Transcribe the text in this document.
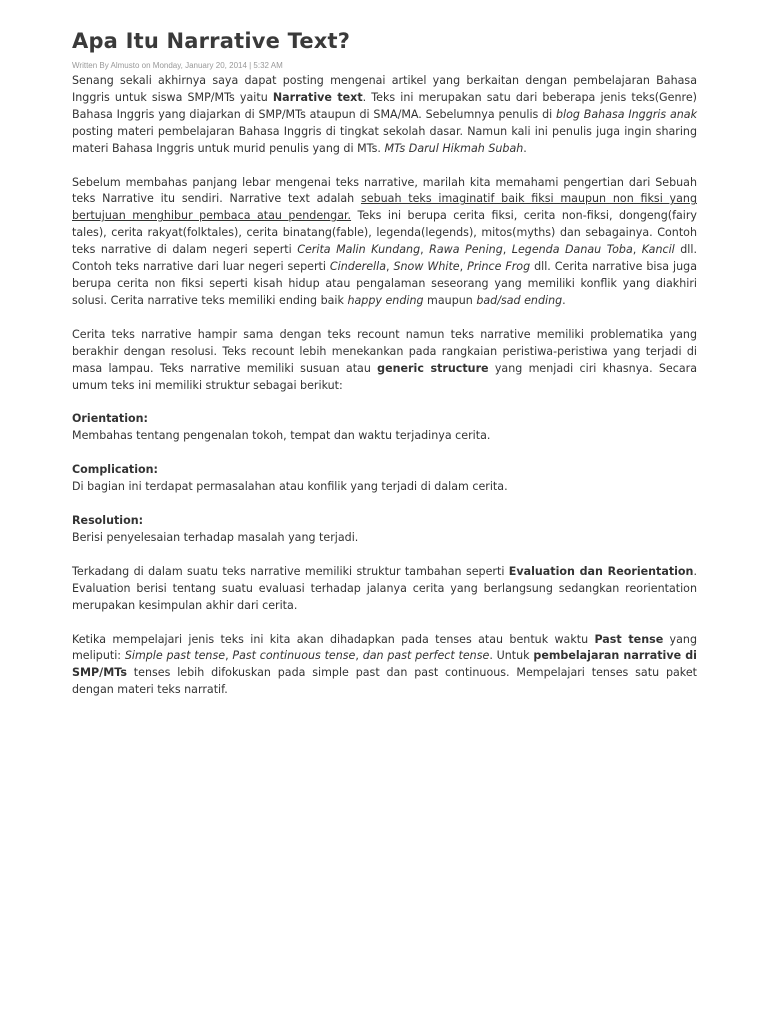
Apa Itu Narrative Text?
Written By Almusto on Monday, January 20, 2014 | 5:32 AM

Senang sekali akhirnya saya dapat posting mengenai artikel yang berkaitan dengan pembelajaran Bahasa Inggris untuk siswa SMP/MTs yaitu Narrative text. Teks ini merupakan satu dari beberapa jenis teks(Genre) Bahasa Inggris yang diajarkan di SMP/MTs ataupun di SMA/MA. Sebelumnya penulis di blog Bahasa Inggris anak posting materi pembelajaran Bahasa Inggris di tingkat sekolah dasar. Namun kali ini penulis juga ingin sharing materi Bahasa Inggris untuk murid penulis yang di MTs. MTs Darul Hikmah Subah.

Sebelum membahas panjang lebar mengenai teks narrative, marilah kita memahami pengertian dari Sebuah teks Narrative itu sendiri. Narrative text adalah sebuah teks imaginatif baik fiksi maupun non fiksi yang bertujuan menghibur pembaca atau pendengar. Teks ini berupa cerita fiksi, cerita non-fiksi, dongeng(fairy tales), cerita rakyat(folktales), cerita binatang(fable), legenda(legends), mitos(myths) dan sebagainya. Contoh teks narrative di dalam negeri seperti Cerita Malin Kundang, Rawa Pening, Legenda Danau Toba, Kancil dll. Contoh teks narrative dari luar negeri seperti Cinderella, Snow White, Prince Frog dll. Cerita narrative bisa juga berupa cerita non fiksi seperti kisah hidup atau pengalaman seseorang yang memiliki konflik yang diakhiri solusi. Cerita narrative teks memiliki ending baik happy ending maupun bad/sad ending.

Cerita teks narrative hampir sama dengan teks recount namun teks narrative memiliki problematika yang berakhir dengan resolusi. Teks recount lebih menekankan pada rangkaian peristiwa-peristiwa yang terjadi di masa lampau. Teks narrative memiliki susuan atau generic structure yang menjadi ciri khasnya. Secara umum teks ini memiliki struktur sebagai berikut:

Orientation:

Membahas tentang pengenalan tokoh, tempat dan waktu terjadinya cerita.

Complication:

Di bagian ini terdapat permasalahan atau konfilik yang terjadi di dalam cerita.

Resolution:

Berisi penyelesaian terhadap masalah yang terjadi.

Terkadang di dalam suatu teks narrative memiliki struktur tambahan seperti Evaluation dan Reorientation. Evaluation berisi tentang suatu evaluasi terhadap jalanya cerita yang berlangsung sedangkan reorientation merupakan kesimpulan akhir dari cerita.

Ketika mempelajari jenis teks ini kita akan dihadapkan pada tenses atau bentuk waktu Past tense yang meliputi: Simple past tense, Past continuous tense, dan past perfect tense. Untuk pembelajaran narrative di SMP/MTs tenses lebih difokuskan pada simple past dan past continuous. Mempelajari tenses satu paket dengan materi teks narratif.
